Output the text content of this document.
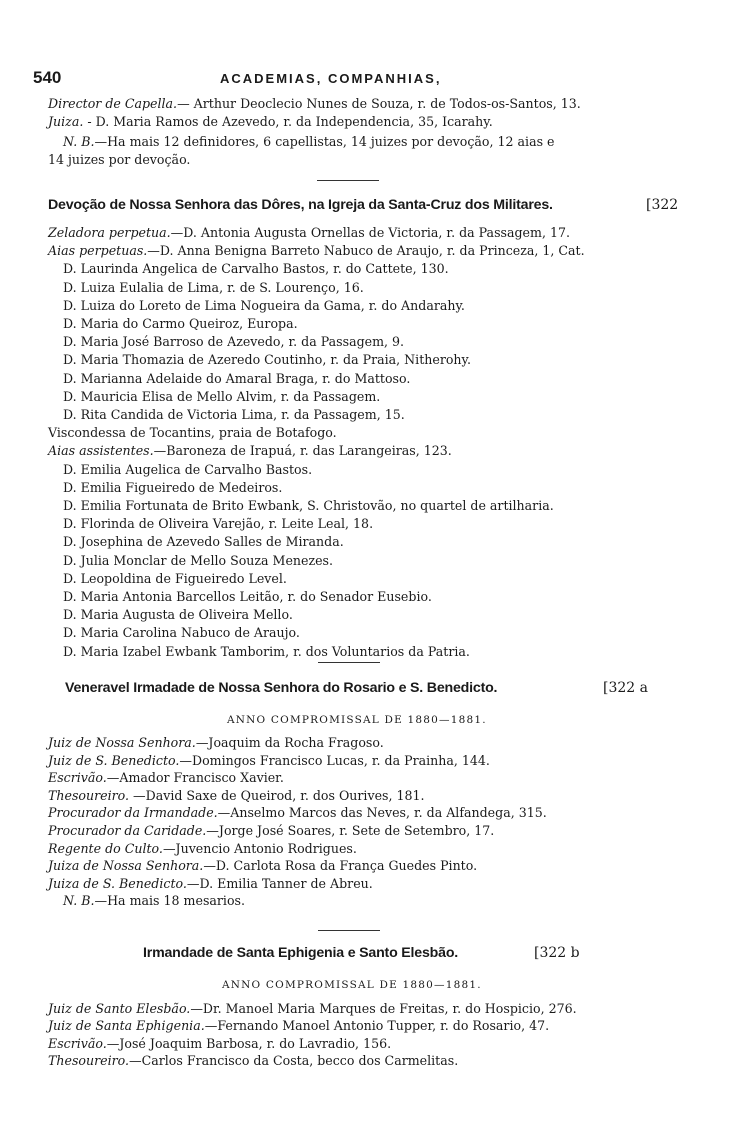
540	ACADEMIAS, COMPANHIAS,
Director de Capella.— Arthur Deoclecio Nunes de Souza, r. de Todos-os-Santos, 13.
Juiza. - D. Maria Ramos de Azevedo, r. da Independencia, 35, Icarahy.
N. B.—Ha mais 12 definidores, 6 capellistas, 14 juizes por devoção, 12 aias e
14 juizes por devoção.
Devoção de Nossa Senhora das Dôres, na Igreja da Santa-Cruz dos Militares.	[322
Zeladora perpetua.—D. Antonia Augusta Ornellas de Victoria, r. da Passagem, 17.
Aias perpetuas.—D. Anna Benigna Barreto Nabuco de Araujo, r. da Princeza, 1, Cat.
D. Laurinda Angelica de Carvalho Bastos, r. do Cattete, 130.
D. Luiza Eulalia de Lima, r. de S. Lourenço, 16.
D. Luiza do Loreto de Lima Nogueira da Gama, r. do Andarahy.
D. Maria do Carmo Queiroz, Europa.
D. Maria José Barroso de Azevedo, r. da Passagem, 9.
D. Maria Thomazia de Azeredo Coutinho, r. da Praia, Nitherohy.
D. Marianna Adelaide do Amaral Braga, r. do Mattoso.
D. Mauricia Elisa de Mello Alvim, r. da Passagem.
D. Rita Candida de Victoria Lima, r. da Passagem, 15.
Viscondessa de Tocantins, praia de Botafogo.
Aias assistentes.—Baroneza de Irapuá, r. das Larangeiras, 123.
D. Emilia Augelica de Carvalho Bastos.
D. Emilia Figueiredo de Medeiros.
D. Emilia Fortunata de Brito Ewbank, S. Christovão, no quartel de artilharia.
D. Florinda de Oliveira Varejão, r. Leite Leal, 18.
D. Josephina de Azevedo Salles de Miranda.
D. Julia Monclar de Mello Souza Menezes.
D. Leopoldina de Figueiredo Level.
D. Maria Antonia Barcellos Leitão, r. do Senador Eusebio.
D. Maria Augusta de Oliveira Mello.
D. Maria Carolina Nabuco de Araujo.
D. Maria Izabel Ewbank Tamborim, r. dos Voluntarios da Patria.
Veneravel Irmadade de Nossa Senhora do Rosario e S. Benedicto.	[322 a
ANNO COMPROMISSAL DE 1880—1881.
Juiz de Nossa Senhora.—Joaquim da Rocha Fragoso.
Juiz de S. Benedicto.—Domingos Francisco Lucas, r. da Prainha, 144.
Escrivão.—Amador Francisco Xavier.
Thesoureiro. —David Saxe de Queirod, r. dos Ourives, 181.
Procurador da Irmandade.—Anselmo Marcos das Neves, r. da Alfandega, 315.
Procurador da Caridade.—Jorge José Soares, r. Sete de Setembro, 17.
Regente do Culto.—Juvencio Antonio Rodrigues.
Juiza de Nossa Senhora.—D. Carlota Rosa da França Guedes Pinto.
Juiza de S. Benedicto.—D. Emilia Tanner de Abreu.
N. B.—Ha mais 18 mesarios.
Irmandade de Santa Ephigenia e Santo Elesbão.	[322 b
ANNO COMPROMISSAL DE 1880—1881.
Juiz de Santo Elesbão.—Dr. Manoel Maria Marques de Freitas, r. do Hospicio, 276.
Juiz de Santa Ephigenia.—Fernando Manoel Antonio Tupper, r. do Rosario, 47.
Escrivão.—José Joaquim Barbosa, r. do Lavradio, 156.
Thesoureiro.—Carlos Francisco da Costa, becco dos Carmelitas.
